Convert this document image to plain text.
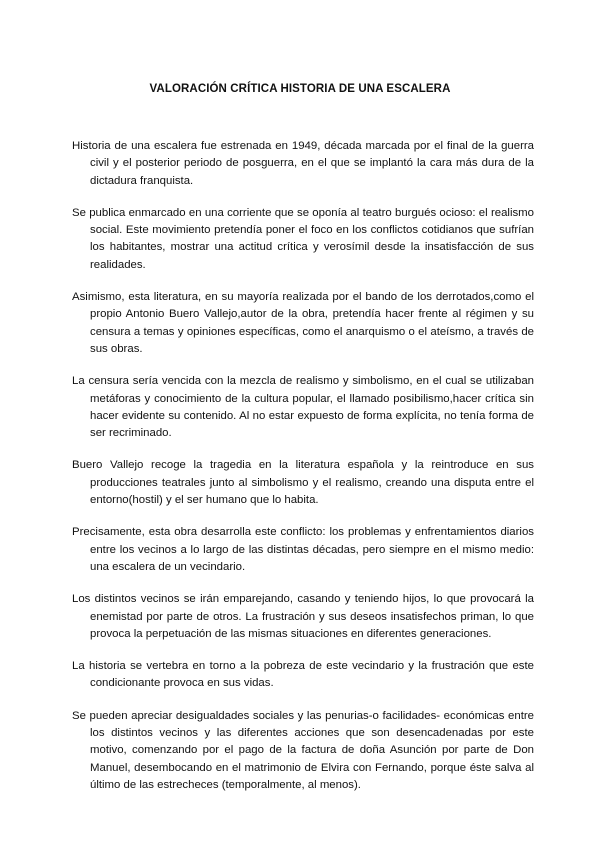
VALORACIÓN CRÍTICA HISTORIA DE UNA ESCALERA

Historia de una escalera fue estrenada en 1949, década marcada por el final de la guerra civil y el posterior periodo de posguerra, en el que se implantó la cara más dura de la dictadura franquista.

Se publica enmarcado en una corriente que se oponía al teatro burgués ocioso: el realismo social. Este movimiento pretendía poner el foco en los conflictos cotidianos que sufrían los habitantes, mostrar una actitud crítica y verosímil desde la insatisfacción de sus realidades.

Asimismo, esta literatura, en su mayoría realizada por el bando de los derrotados,como el propio Antonio Buero Vallejo,autor de la obra, pretendía hacer frente al régimen y su censura a temas y opiniones específicas, como el anarquismo o el ateísmo, a través de sus obras.

La censura sería vencida con la mezcla de realismo y simbolismo, en el cual se utilizaban metáforas y conocimiento de la cultura popular, el llamado posibilismo,hacer crítica sin hacer evidente su contenido. Al no estar expuesto de forma explícita, no tenía forma de ser recriminado.

Buero Vallejo recoge la tragedia en la literatura española y la reintroduce en sus producciones teatrales junto al simbolismo y el realismo, creando una disputa entre el entorno(hostil) y el ser humano que lo habita.

Precisamente, esta obra desarrolla este conflicto: los problemas y enfrentamientos diarios entre los vecinos a lo largo de las distintas décadas, pero siempre en el mismo medio: una escalera de un vecindario.

Los distintos vecinos se irán emparejando, casando y teniendo hijos, lo que provocará la enemistad por parte de otros. La frustración y sus deseos insatisfechos priman, lo que provoca la perpetuación de las mismas situaciones en diferentes generaciones.

La historia se vertebra en torno a la pobreza de este vecindario y la frustración que este condicionante provoca en sus vidas.

Se pueden apreciar desigualdades sociales y las penurias-o facilidades- económicas entre los distintos vecinos y las diferentes acciones que son desencadenadas por este motivo, comenzando por el pago de la factura de doña Asunción por parte de Don Manuel, desembocando en el matrimonio de Elvira con Fernando, porque éste salva al último de las estrecheces (temporalmente, al menos).
